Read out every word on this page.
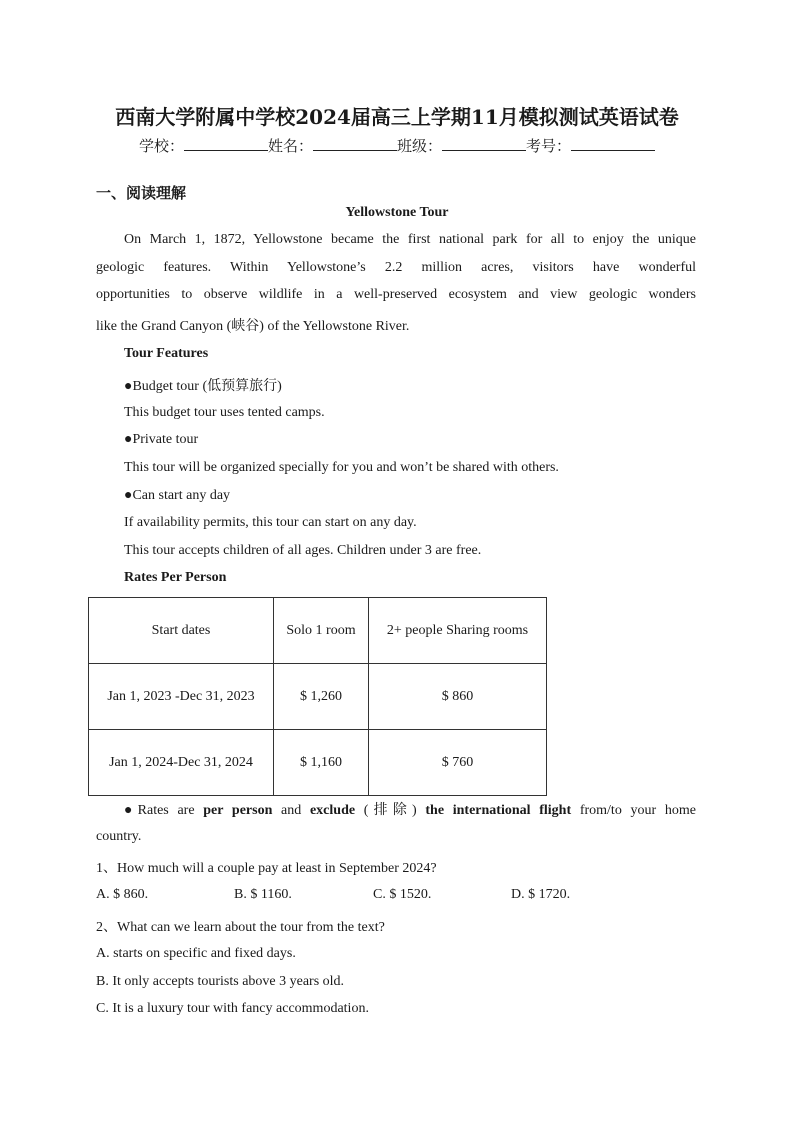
西南大学附属中学校2024届高三上学期11月模拟测试英语试卷
学校：	姓名：	班级：	考号：
一、阅读理解
Yellowstone Tour
On March 1, 1872, Yellowstone became the first national park for all to enjoy the unique
geologic features. Within Yellowstone’s 2.2 million acres, visitors have wonderful
opportunities to observe wildlife in a well-preserved ecosystem and view geologic wonders
like the Grand Canyon (峡谷) of the Yellowstone River.
Tour Features
●Budget tour (低预算旅行)
This budget tour uses tented camps.
●Private tour
This tour will be organized specially for you and won’t be shared with others.
●Can start any day
If availability permits, this tour can start on any day.
This tour accepts children of all ages. Children under 3 are free.
Rates Per Person
Start dates	Solo 1 room	2+ people Sharing rooms
Jan 1, 2023 -Dec 31, 2023	$ 1,260	$ 860
Jan 1, 2024-Dec 31, 2024	$ 1,160	$ 760
●Rates are per person and exclude (排除) the international flight from/to your home
country.
1、How much will a couple pay at least in September 2024?
A. $ 860.	B. $ 1160.	C. $ 1520.	D. $ 1720.
2、What can we learn about the tour from the text?
A. starts on specific and fixed days.
B. It only accepts tourists above 3 years old.
C. It is a luxury tour with fancy accommodation.
